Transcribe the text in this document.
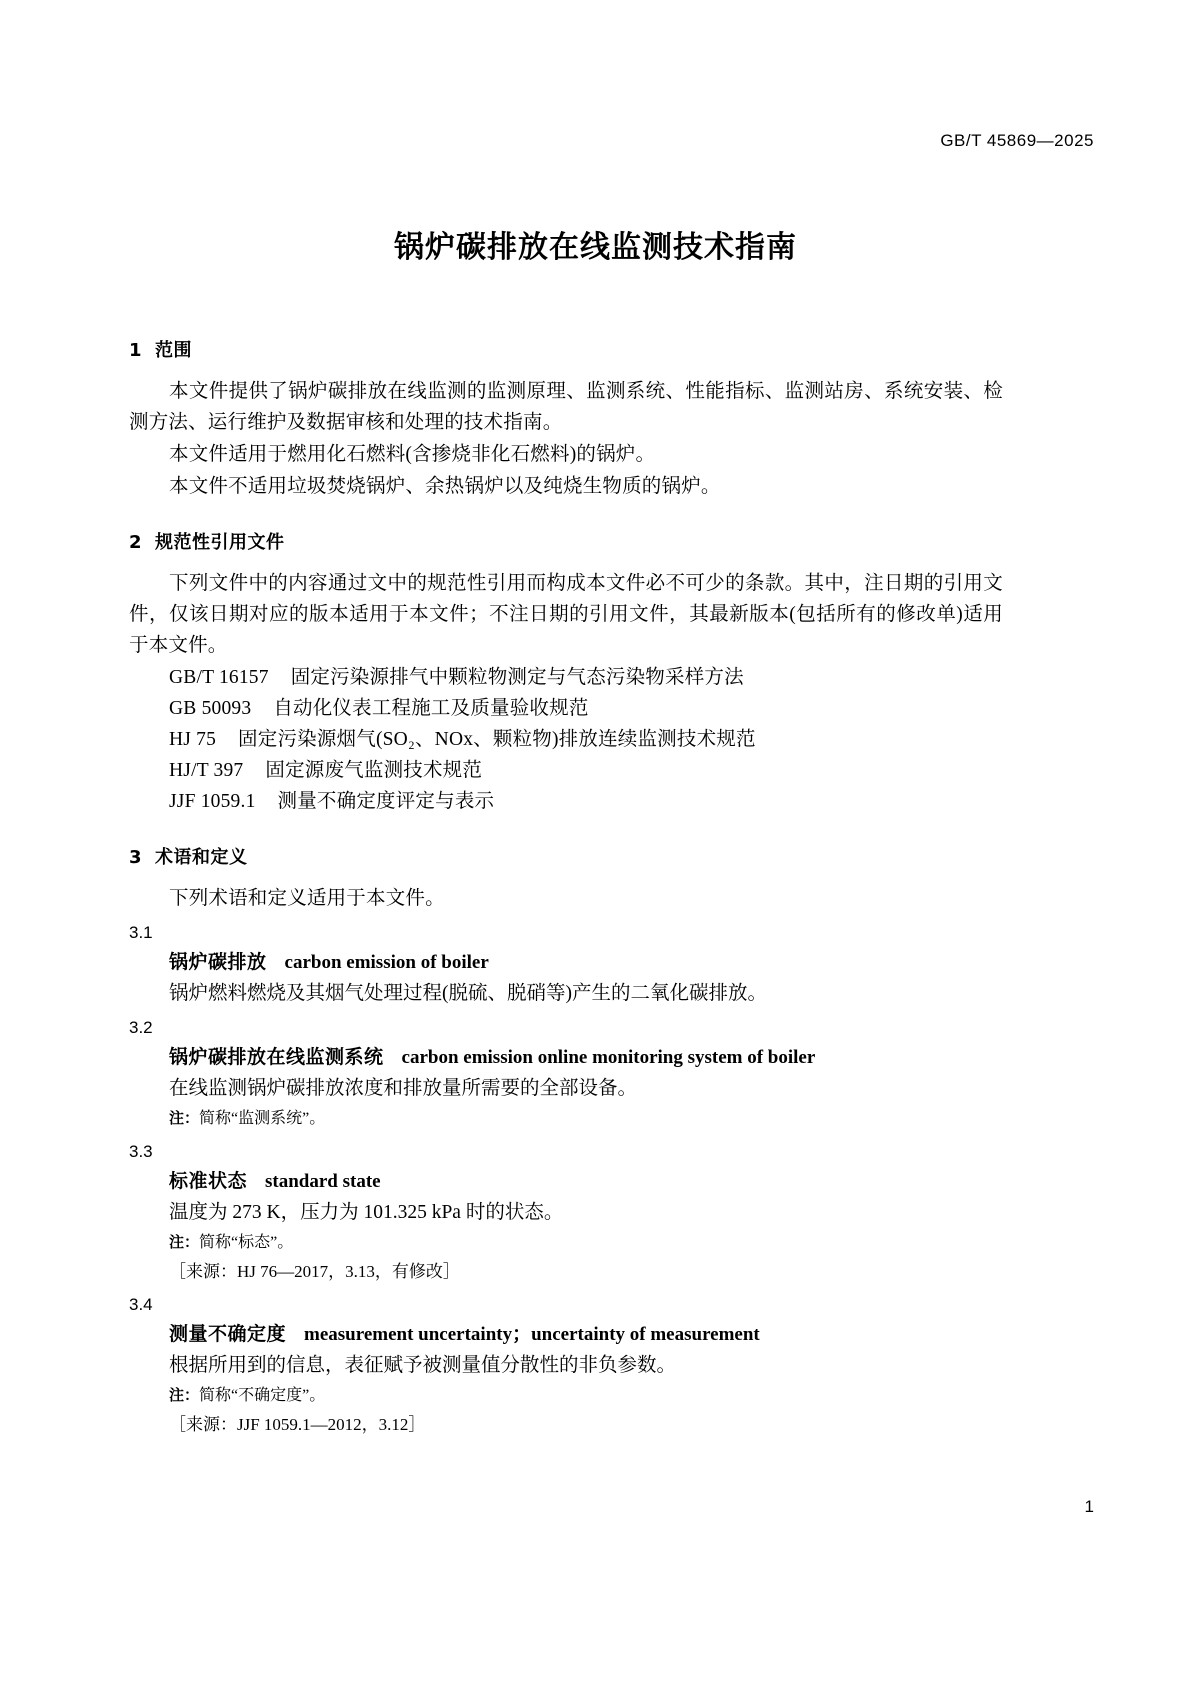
GB/T 45869—2025
锅炉碳排放在线监测技术指南
1 范围

本文件提供了锅炉碳排放在线监测的监测原理、监测系统、性能指标、监测站房、系统安装、检测方法、运行维护及数据审核和处理的技术指南。

本文件适用于燃用化石燃料(含掺烧非化石燃料)的锅炉。

本文件不适用垃圾焚烧锅炉、余热锅炉以及纯烧生物质的锅炉。

2 规范性引用文件

下列文件中的内容通过文中的规范性引用而构成本文件必不可少的条款。其中，注日期的引用文件，仅该日期对应的版本适用于本文件；不注日期的引用文件，其最新版本(包括所有的修改单)适用于本文件。

GB/T 16157 固定污染源排气中颗粒物测定与气态污染物采样方法
GB 50093 自动化仪表工程施工及质量验收规范
HJ 75 固定污染源烟气(SO₂、NOx、颗粒物)排放连续监测技术规范
HJ/T 397 固定源废气监测技术规范
JJF 1059.1 测量不确定度评定与表示
3 术语和定义

下列术语和定义适用于本文件。

3.1
锅炉碳排放 carbon emission of boiler
锅炉燃料燃烧及其烟气处理过程(脱硫、脱硝等)产生的二氧化碳排放。
3.2
锅炉碳排放在线监测系统 carbon emission online monitoring system of boiler
在线监测锅炉碳排放浓度和排放量所需要的全部设备。
注：简称“监测系统”。
3.3
标准状态 standard state
温度为 273 K，压力为 101.325 kPa 时的状态。
注：简称“标态”。
［来源：HJ 76—2017，3.13，有修改］
3.4
测量不确定度 measurement uncertainty；uncertainty of measurement
根据所用到的信息，表征赋予被测量值分散性的非负参数。
注：简称“不确定度”。
［来源：JJF 1059.1—2012，3.12］
1
